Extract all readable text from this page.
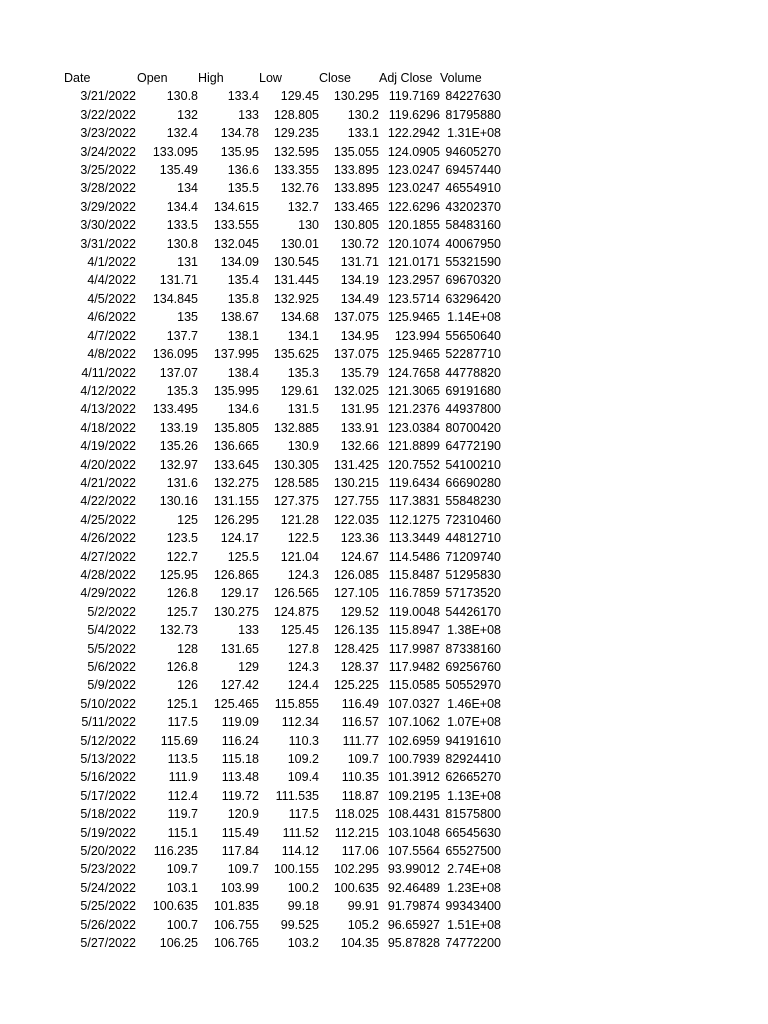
Date	Open	High	Low	Close	Adj Close	Volume
3/21/2022	130.8	133.4	129.45	130.295	119.7169	84227630
3/22/2022	132	133	128.805	130.2	119.6296	81795880
3/23/2022	132.4	134.78	129.235	133.1	122.2942	1.31E+08
3/24/2022	133.095	135.95	132.595	135.055	124.0905	94605270
3/25/2022	135.49	136.6	133.355	133.895	123.0247	69457440
3/28/2022	134	135.5	132.76	133.895	123.0247	46554910
3/29/2022	134.4	134.615	132.7	133.465	122.6296	43202370
3/30/2022	133.5	133.555	130	130.805	120.1855	58483160
3/31/2022	130.8	132.045	130.01	130.72	120.1074	40067950
4/1/2022	131	134.09	130.545	131.71	121.0171	55321590
4/4/2022	131.71	135.4	131.445	134.19	123.2957	69670320
4/5/2022	134.845	135.8	132.925	134.49	123.5714	63296420
4/6/2022	135	138.67	134.68	137.075	125.9465	1.14E+08
4/7/2022	137.7	138.1	134.1	134.95	123.994	55650640
4/8/2022	136.095	137.995	135.625	137.075	125.9465	52287710
4/11/2022	137.07	138.4	135.3	135.79	124.7658	44778820
4/12/2022	135.3	135.995	129.61	132.025	121.3065	69191680
4/13/2022	133.495	134.6	131.5	131.95	121.2376	44937800
4/18/2022	133.19	135.805	132.885	133.91	123.0384	80700420
4/19/2022	135.26	136.665	130.9	132.66	121.8899	64772190
4/20/2022	132.97	133.645	130.305	131.425	120.7552	54100210
4/21/2022	131.6	132.275	128.585	130.215	119.6434	66690280
4/22/2022	130.16	131.155	127.375	127.755	117.3831	55848230
4/25/2022	125	126.295	121.28	122.035	112.1275	72310460
4/26/2022	123.5	124.17	122.5	123.36	113.3449	44812710
4/27/2022	122.7	125.5	121.04	124.67	114.5486	71209740
4/28/2022	125.95	126.865	124.3	126.085	115.8487	51295830
4/29/2022	126.8	129.17	126.565	127.105	116.7859	57173520
5/2/2022	125.7	130.275	124.875	129.52	119.0048	54426170
5/4/2022	132.73	133	125.45	126.135	115.8947	1.38E+08
5/5/2022	128	131.65	127.8	128.425	117.9987	87338160
5/6/2022	126.8	129	124.3	128.37	117.9482	69256760
5/9/2022	126	127.42	124.4	125.225	115.0585	50552970
5/10/2022	125.1	125.465	115.855	116.49	107.0327	1.46E+08
5/11/2022	117.5	119.09	112.34	116.57	107.1062	1.07E+08
5/12/2022	115.69	116.24	110.3	111.77	102.6959	94191610
5/13/2022	113.5	115.18	109.2	109.7	100.7939	82924410
5/16/2022	111.9	113.48	109.4	110.35	101.3912	62665270
5/17/2022	112.4	119.72	111.535	118.87	109.2195	1.13E+08
5/18/2022	119.7	120.9	117.5	118.025	108.4431	81575800
5/19/2022	115.1	115.49	111.52	112.215	103.1048	66545630
5/20/2022	116.235	117.84	114.12	117.06	107.5564	65527500
5/23/2022	109.7	109.7	100.155	102.295	93.99012	2.74E+08
5/24/2022	103.1	103.99	100.2	100.635	92.46489	1.23E+08
5/25/2022	100.635	101.835	99.18	99.91	91.79874	99343400
5/26/2022	100.7	106.755	99.525	105.2	96.65927	1.51E+08
5/27/2022	106.25	106.765	103.2	104.35	95.87828	74772200
